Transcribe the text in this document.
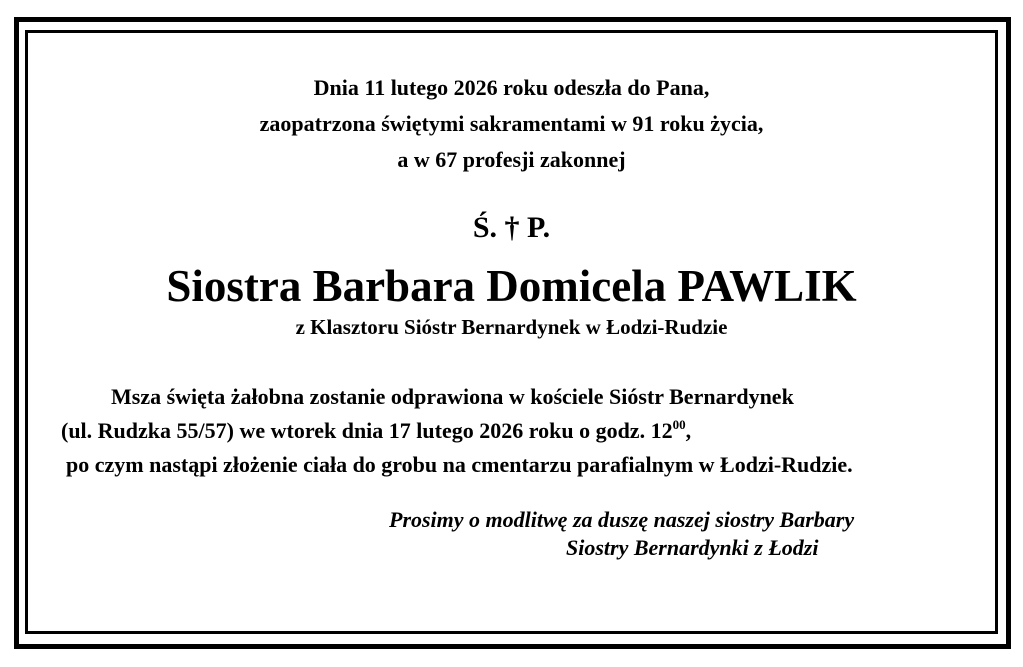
Dnia 11 lutego 2026 roku odeszła do Pana,
zaopatrzona świętymi sakramentami w 91 roku życia,
a w 67 profesji zakonnej
Ś. † P.
Siostra Barbara Domicela PAWLIK
z Klasztoru Sióstr Bernardynek w Łodzi-Rudzie
Msza święta żałobna zostanie odprawiona w kościele Sióstr Bernardynek
(ul. Rudzka 55/57) we wtorek dnia 17 lutego 2026 roku o godz. $12^{00}$,
po czym nastąpi złożenie ciała do grobu na cmentarzu parafialnym w Łodzi-Rudzie.
Prosimy o modlitwę za duszę naszej siostry Barbary
Siostry Bernardynki z Łodzi
